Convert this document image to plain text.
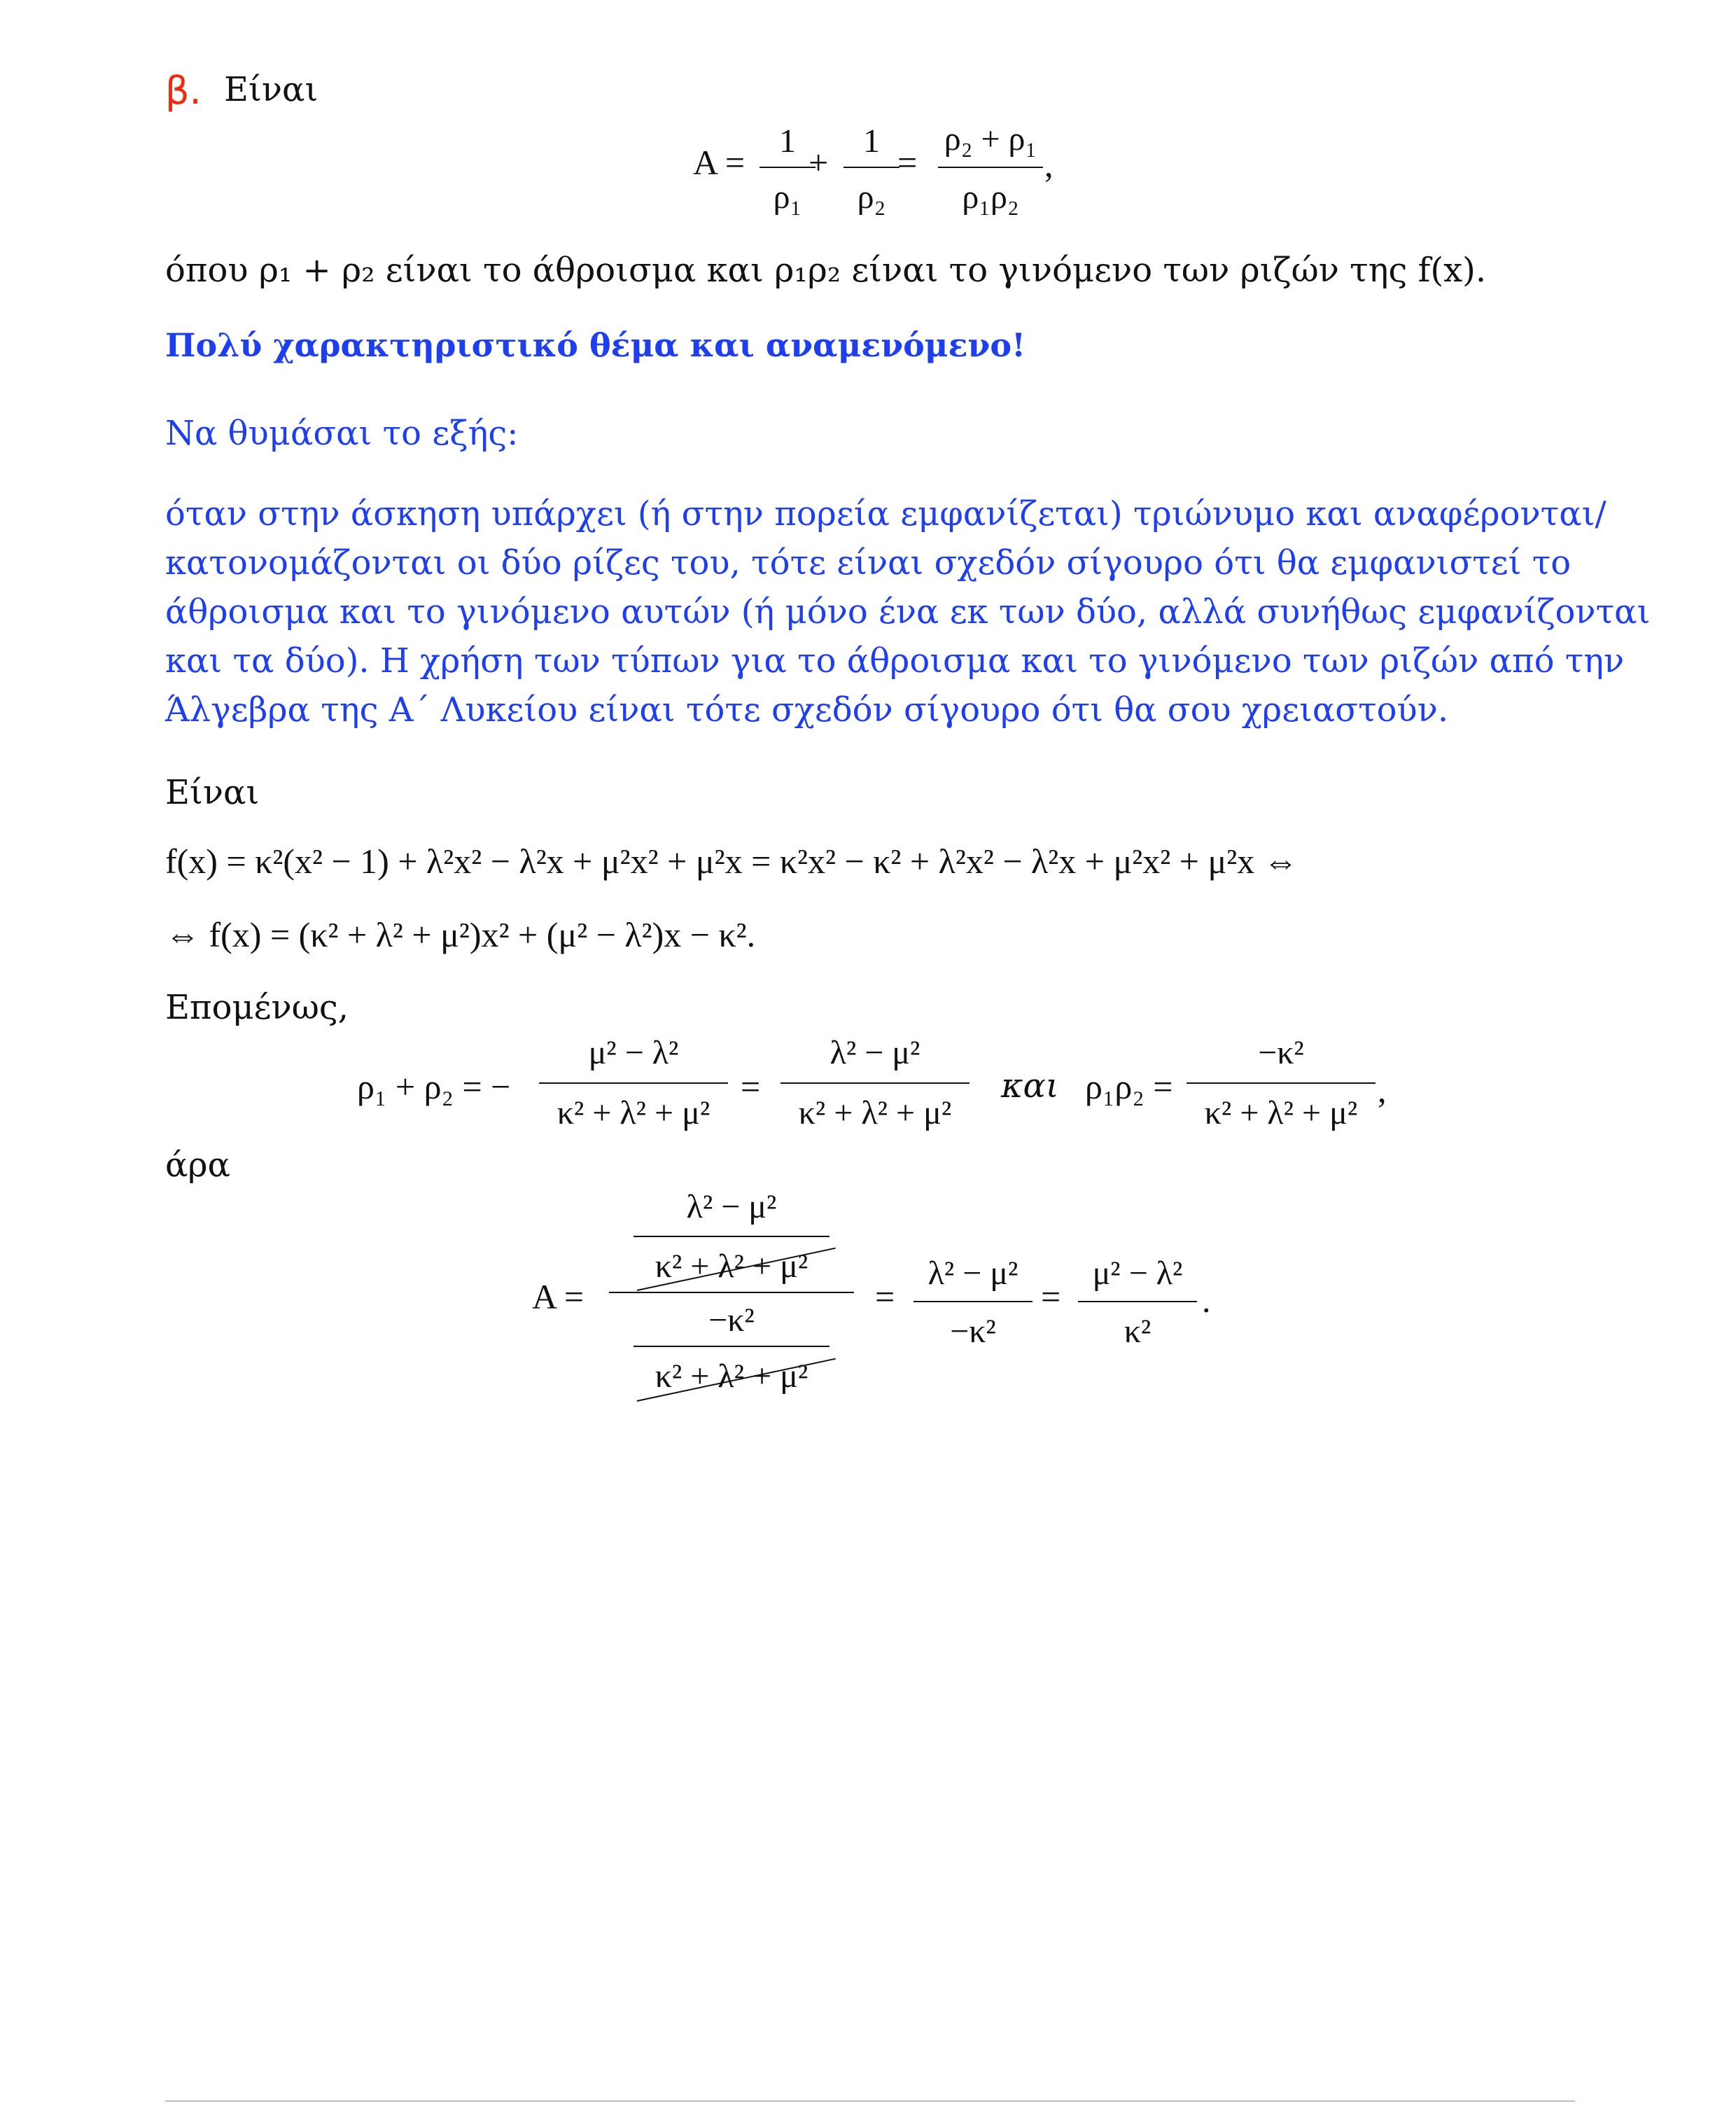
β. Είναι
A =
1
ρ₁
+
1
ρ₂
=
ρ₂ + ρ₁
ρ₁ρ₂
,
όπου ρ₁ + ρ₂ είναι το άθροισμα και ρ₁ρ₂ είναι το γινόμενο των ριζών της f(x).
Πολύ χαρακτηριστικό θέμα και αναμενόμενο!
Να θυμάσαι το εξής:
όταν στην άσκηση υπάρχει (ή στην πορεία εμφανίζεται) τριώνυμο και αναφέρονται/
κατονομάζονται οι δύο ρίζες του, τότε είναι σχεδόν σίγουρο ότι θα εμφανιστεί το
άθροισμα και το γινόμενο αυτών (ή μόνο ένα εκ των δύο, αλλά συνήθως εμφανίζονται
και τα δύο). Η χρήση των τύπων για το άθροισμα και το γινόμενο των ριζών από την
Άλγεβρα της Α΄ Λυκείου είναι τότε σχεδόν σίγουρο ότι θα σου χρειαστούν.
Είναι
f(x) = κ²(x² − 1) + λ²x² − λ²x + μ²x² + μ²x = κ²x² − κ² + λ²x² − λ²x + μ²x² + μ²x ⇔
⇔ f(x) = (κ² + λ² + μ²)x² + (μ² − λ²)x − κ².
Επομένως,
ρ₁ + ρ₂ = −
μ² − λ²
κ² + λ² + μ²
=
λ² − μ²
κ² + λ² + μ²
και ρ₁ρ₂ =
−κ²
κ² + λ² + μ²
,
άρα
A =
λ² − μ²
κ² + λ² + μ²
−κ²
κ² + λ² + μ²
=
λ² − μ²
−κ²
=
μ² − λ²
κ²
.
